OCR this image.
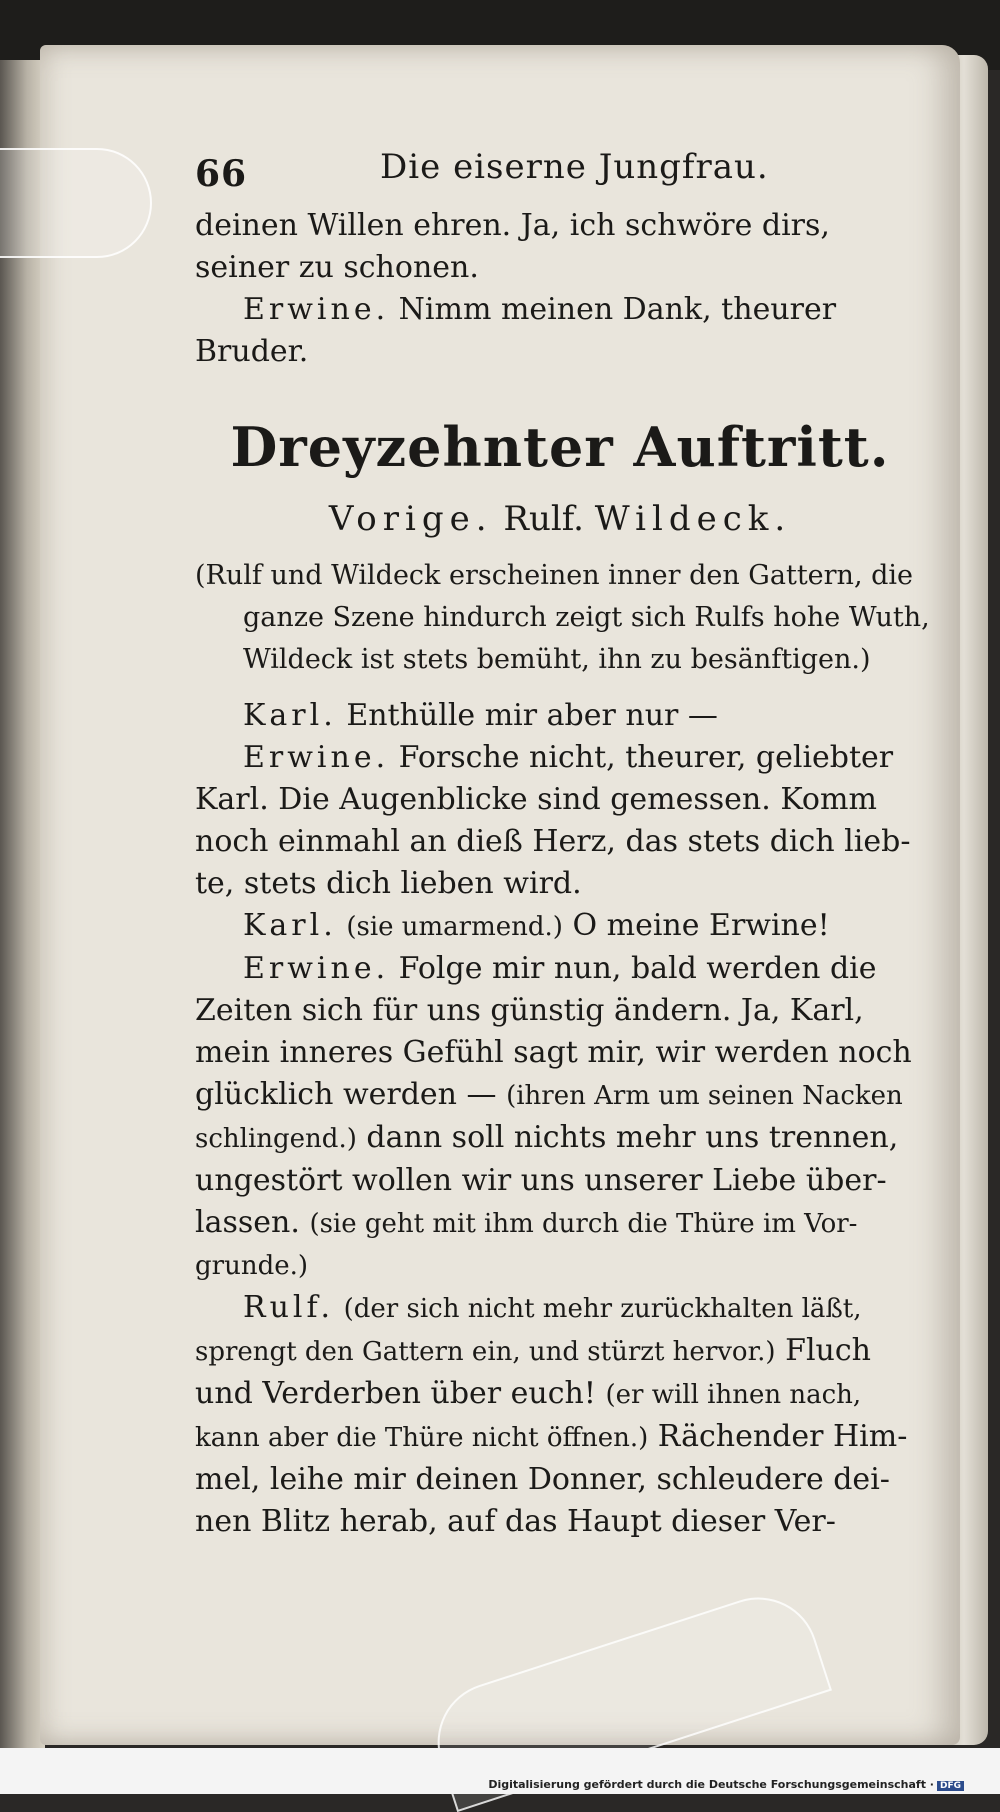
66	Die eiserne Jungfrau.

deinen Willen ehren. Ja, ich schwöre dirs,

seiner zu schonen.

Erwine. Nimm meinen Dank, theurer

Bruder.

Dreyzehnter Auftritt.
Vorige. Rulf. Wildeck.
(Rulf und Wildeck erscheinen inner den Gattern, die
ganze Szene hindurch zeigt sich Rulfs hohe Wuth,
Wildeck ist stets bemüht, ihn zu besänftigen.)

Karl. Enthülle mir aber nur —

Erwine. Forsche nicht, theurer, geliebter

Karl. Die Augenblicke sind gemessen. Komm

noch einmahl an dieß Herz, das stets dich lieb-

te, stets dich lieben wird.

Karl. (sie umarmend.) O meine Erwine!

Erwine. Folge mir nun, bald werden die

Zeiten sich für uns günstig ändern. Ja, Karl,

mein inneres Gefühl sagt mir, wir werden noch

glücklich werden — (ihren Arm um seinen Nacken

schlingend.) dann soll nichts mehr uns trennen,

ungestört wollen wir uns unserer Liebe über-

lassen. (sie geht mit ihm durch die Thüre im Vor-

grunde.)

Rulf. (der sich nicht mehr zurückhalten läßt,

sprengt den Gattern ein, und stürzt hervor.) Fluch

und Verderben über euch! (er will ihnen nach,

kann aber die Thüre nicht öffnen.) Rächender Him-

mel, leihe mir deinen Donner, schleudere dei-

nen Blitz herab, auf das Haupt dieser Ver-

Digitalisierung gefördert durch die Deutsche Forschungsgemeinschaft · DFG
